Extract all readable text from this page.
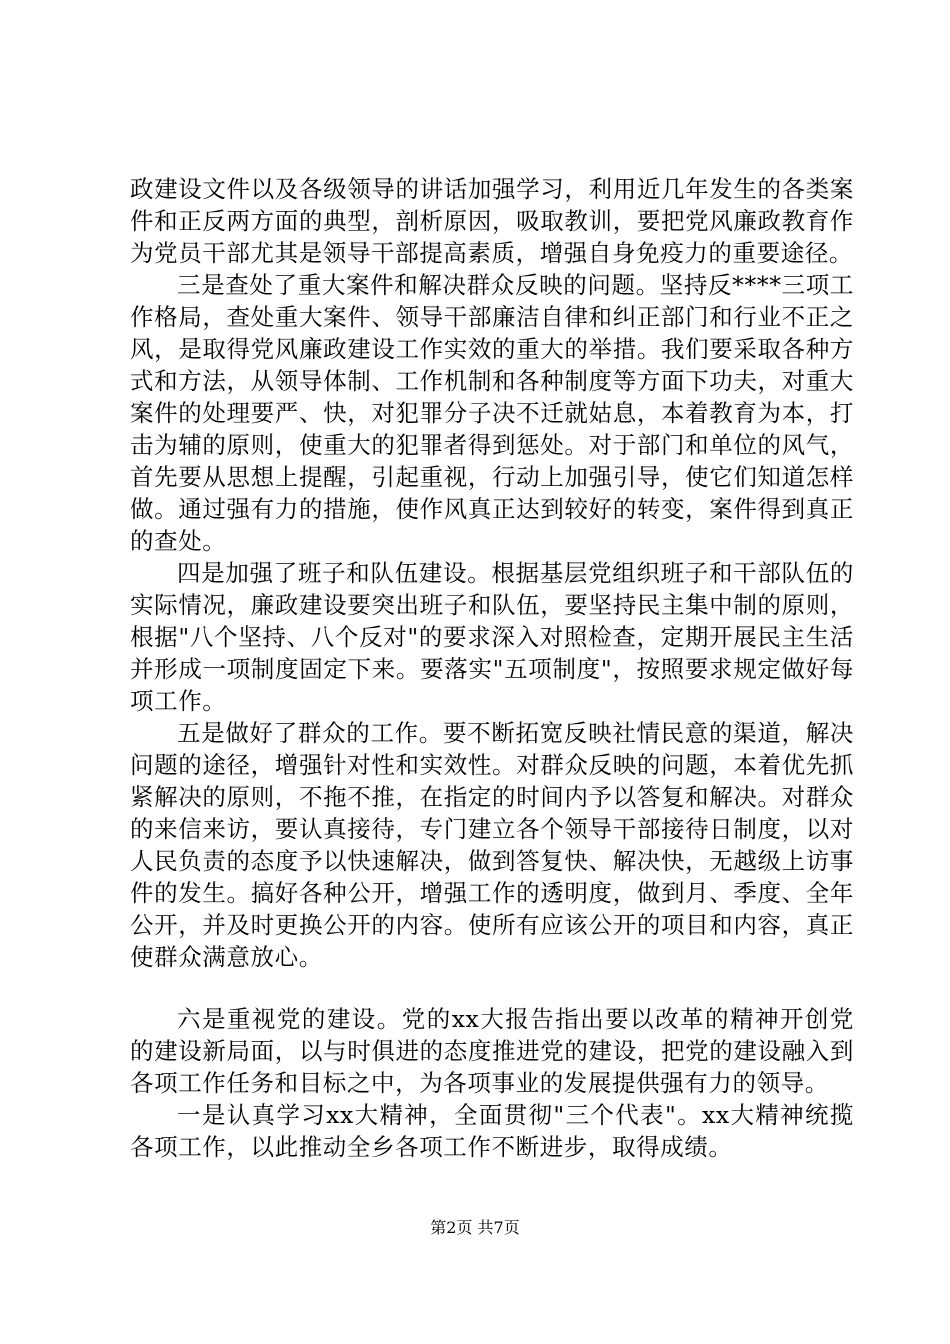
政建设文件以及各级领导的讲话加强学习，利用近几年发生的各类案件和正反两方面的典型，剖析原因，吸取教训，要把党风廉政教育作为党员干部尤其是领导干部提高素质，增强自身免疫力的重要途径。

三是查处了重大案件和解决群众反映的问题。坚持反****三项工作格局，查处重大案件、领导干部廉洁自律和纠正部门和行业不正之风，是取得党风廉政建设工作实效的重大的举措。我们要采取各种方式和方法，从领导体制、工作机制和各种制度等方面下功夫，对重大案件的处理要严、快，对犯罪分子决不迁就姑息，本着教育为本，打击为辅的原则，使重大的犯罪者得到惩处。对于部门和单位的风气，首先要从思想上提醒，引起重视，行动上加强引导，使它们知道怎样做。通过强有力的措施，使作风真正达到较好的转变，案件得到真正的查处。

四是加强了班子和队伍建设。根据基层党组织班子和干部队伍的实际情况，廉政建设要突出班子和队伍，要坚持民主集中制的原则，根据"八个坚持、八个反对"的要求深入对照检查，定期开展民主生活并形成一项制度固定下来。要落实"五项制度"，按照要求规定做好每项工作。

五是做好了群众的工作。要不断拓宽反映社情民意的渠道，解决问题的途径，增强针对性和实效性。对群众反映的问题，本着优先抓紧解决的原则，不拖不推，在指定的时间内予以答复和解决。对群众的来信来访，要认真接待，专门建立各个领导干部接待日制度，以对人民负责的态度予以快速解决，做到答复快、解决快，无越级上访事件的发生。搞好各种公开，增强工作的透明度，做到月、季度、全年公开，并及时更换公开的内容。使所有应该公开的项目和内容，真正使群众满意放心。

六是重视党的建设。党的xx大报告指出要以改革的精神开创党的建设新局面，以与时俱进的态度推进党的建设，把党的建设融入到各项工作任务和目标之中，为各项事业的发展提供强有力的领导。

一是认真学习xx大精神，全面贯彻"三个代表"。xx大精神统揽各项工作，以此推动全乡各项工作不断进步，取得成绩。

第2页 共7页
